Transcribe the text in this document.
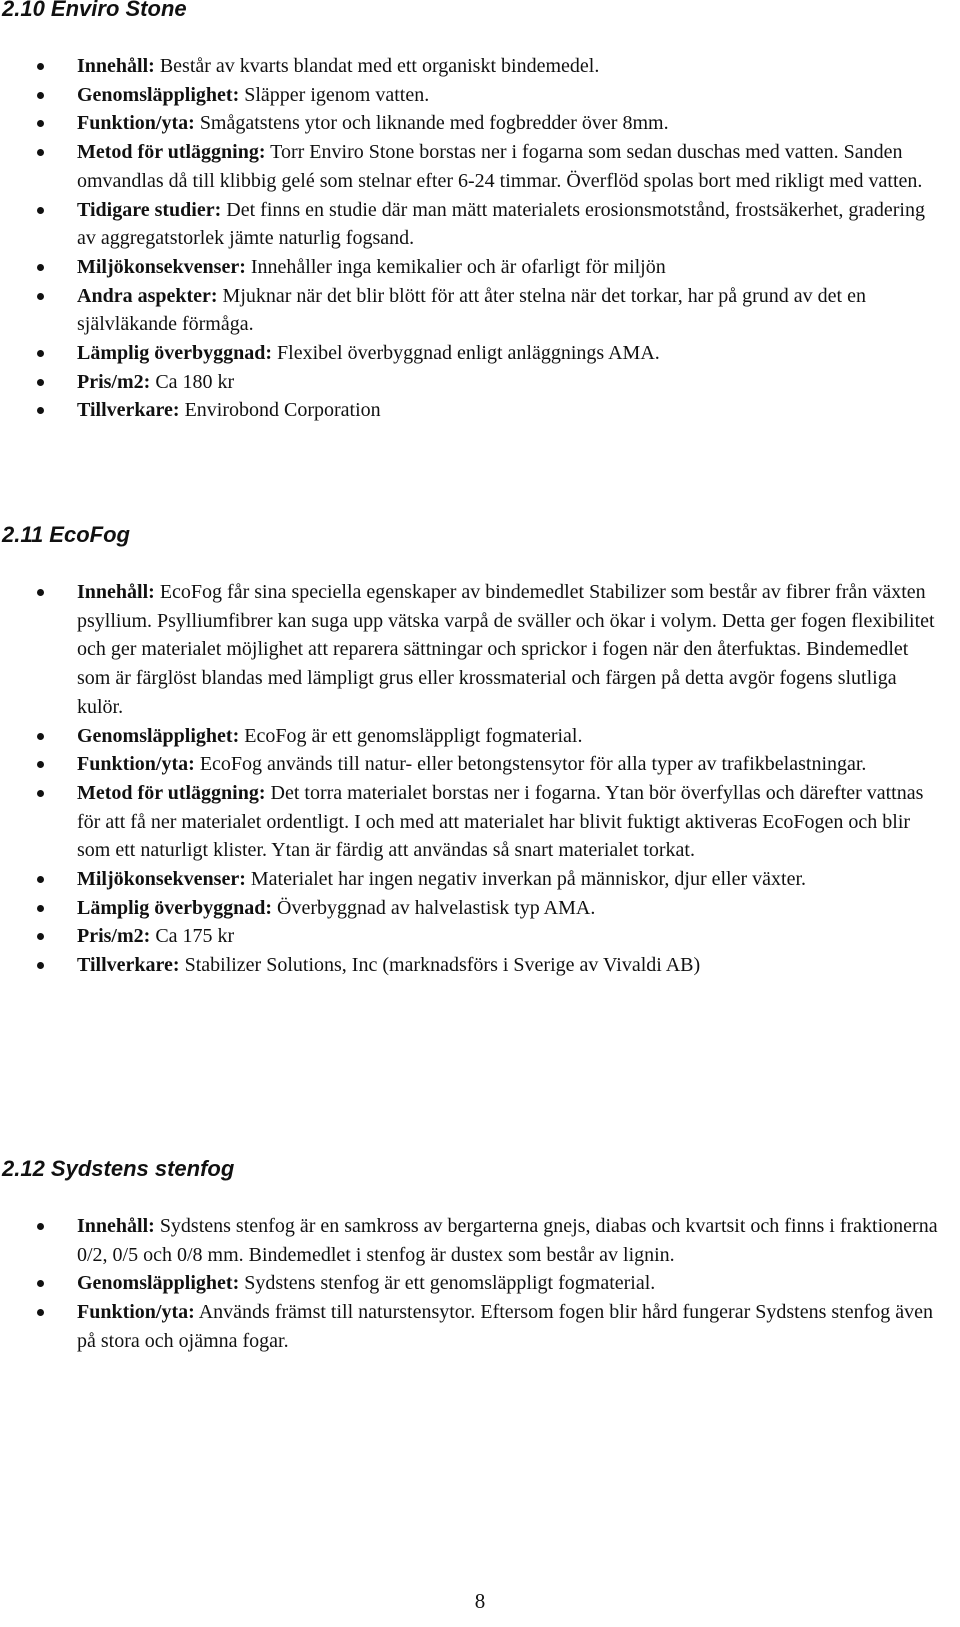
2.10 Enviro Stone
Innehåll: Består av kvarts blandat med ett organiskt bindemedel.
Genomsläpplighet: Släpper igenom vatten.
Funktion/yta: Smågatstens ytor och liknande med fogbredder över 8mm.
Metod för utläggning: Torr Enviro Stone borstas ner i fogarna som sedan duschas med vatten. Sanden omvandlas då till klibbig gelé som stelnar efter 6-24 timmar. Överflöd spolas bort med rikligt med vatten.
Tidigare studier: Det finns en studie där man mätt materialets erosionsmotstånd, frostsäkerhet, gradering av aggregatstorlek jämte naturlig fogsand.
Miljökonsekvenser: Innehåller inga kemikalier och är ofarligt för miljön
Andra aspekter: Mjuknar när det blir blött för att åter stelna när det torkar, har på grund av det en självläkande förmåga.
Lämplig överbyggnad: Flexibel överbyggnad enligt anläggnings AMA.
Pris/m2: Ca 180 kr
Tillverkare: Envirobond Corporation
2.11 EcoFog
Innehåll: EcoFog får sina speciella egenskaper av bindemedlet Stabilizer som består av fibrer från växten psyllium. Psylliumfibrer kan suga upp vätska varpå de sväller och ökar i volym. Detta ger fogen flexibilitet och ger materialet möjlighet att reparera sättningar och sprickor i fogen när den återfuktas. Bindemedlet som är färglöst blandas med lämpligt grus eller krossmaterial och färgen på detta avgör fogens slutliga kulör.
Genomsläpplighet: EcoFog är ett genomsläppligt fogmaterial.
Funktion/yta: EcoFog används till natur- eller betongstensytor för alla typer av trafikbelastningar.
Metod för utläggning: Det torra materialet borstas ner i fogarna. Ytan bör överfyllas och därefter vattnas för att få ner materialet ordentligt. I och med att materialet har blivit fuktigt aktiveras EcoFogen och blir som ett naturligt klister. Ytan är färdig att användas så snart materialet torkat.
Miljökonsekvenser: Materialet har ingen negativ inverkan på människor, djur eller växter.
Lämplig överbyggnad: Överbyggnad av halvelastisk typ AMA.
Pris/m2: Ca 175 kr
Tillverkare: Stabilizer Solutions, Inc (marknadsförs i Sverige av Vivaldi AB)
2.12 Sydstens stenfog
Innehåll: Sydstens stenfog är en samkross av bergarterna gnejs, diabas och kvartsit och finns i fraktionerna 0/2, 0/5 och 0/8 mm. Bindemedlet i stenfog är dustex som består av lignin.
Genomsläpplighet: Sydstens stenfog är ett genomsläppligt fogmaterial.
Funktion/yta: Används främst till naturstensytor. Eftersom fogen blir hård fungerar Sydstens stenfog även på stora och ojämna fogar.
8
